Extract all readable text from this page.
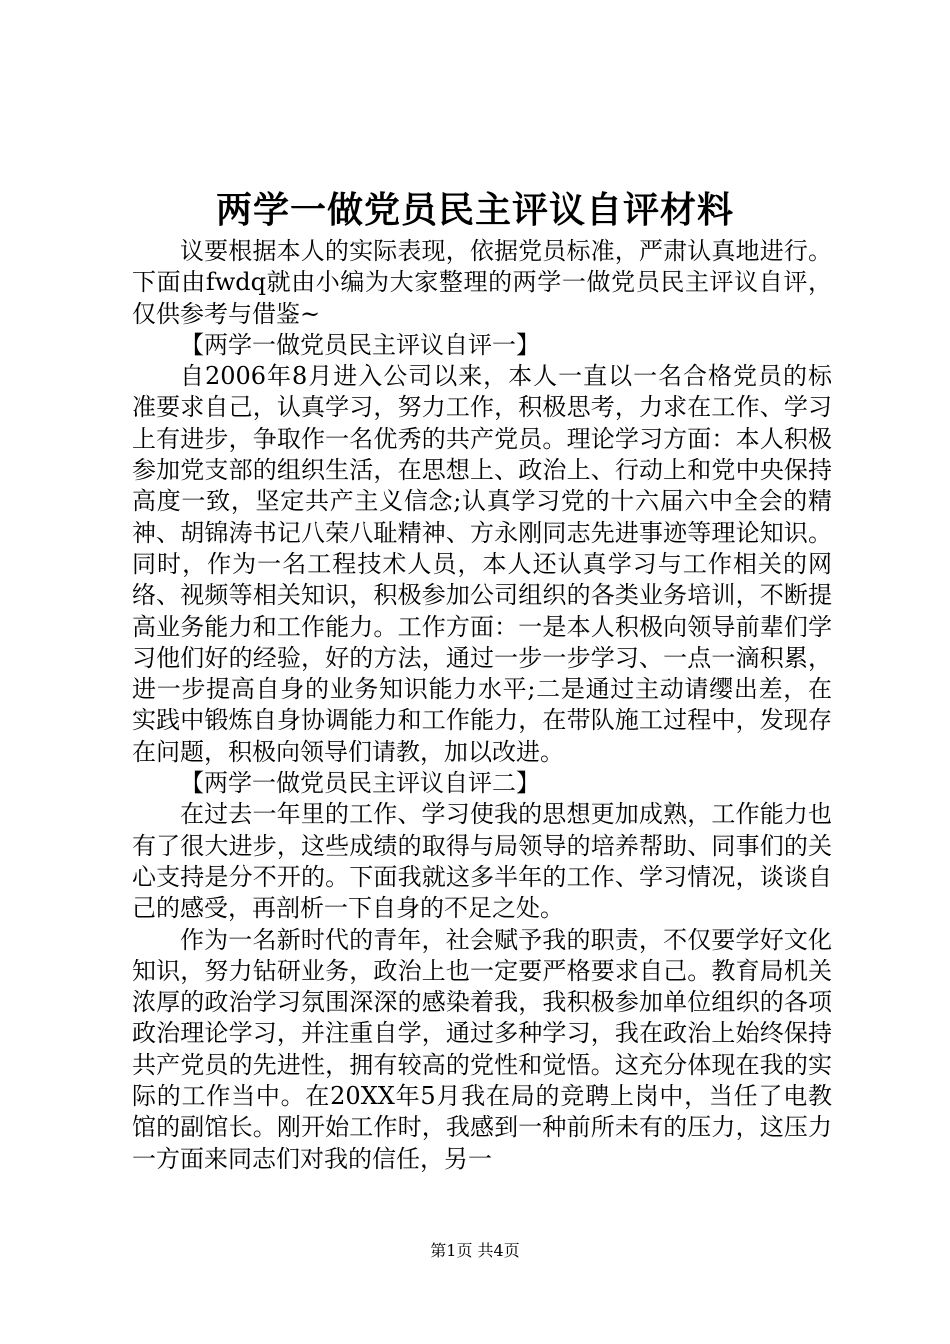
两学一做党员民主评议自评材料

议要根据本人的实际表现，依据党员标准，严肃认真地进行。下面由fwdq就由小编为大家整理的两学一做党员民主评议自评，仅供参考与借鉴~

【两学一做党员民主评议自评一】

自2006年8月进入公司以来，本人一直以一名合格党员的标准要求自己，认真学习，努力工作，积极思考，力求在工作、学习上有进步，争取作一名优秀的共产党员。理论学习方面：本人积极参加党支部的组织生活，在思想上、政治上、行动上和党中央保持高度一致，坚定共产主义信念;认真学习党的十六届六中全会的精神、胡锦涛书记八荣八耻精神、方永刚同志先进事迹等理论知识。同时，作为一名工程技术人员，本人还认真学习与工作相关的网络、视频等相关知识，积极参加公司组织的各类业务培训，不断提高业务能力和工作能力。工作方面：一是本人积极向领导前辈们学习他们好的经验，好的方法，通过一步一步学习、一点一滴积累，进一步提高自身的业务知识能力水平;二是通过主动请缨出差，在实践中锻炼自身协调能力和工作能力，在带队施工过程中，发现存在问题，积极向领导们请教，加以改进。

【两学一做党员民主评议自评二】

在过去一年里的工作、学习使我的思想更加成熟，工作能力也有了很大进步，这些成绩的取得与局领导的培养帮助、同事们的关心支持是分不开的。下面我就这多半年的工作、学习情况，谈谈自己的感受，再剖析一下自身的不足之处。

作为一名新时代的青年，社会赋予我的职责，不仅要学好文化知识，努力钻研业务，政治上也一定要严格要求自己。教育局机关浓厚的政治学习氛围深深的感染着我，我积极参加单位组织的各项政治理论学习，并注重自学，通过多种学习，我在政治上始终保持共产党员的先进性，拥有较高的党性和觉悟。这充分体现在我的实际的工作当中。在20XX年5月我在局的竞聘上岗中，当任了电教馆的副馆长。刚开始工作时，我感到一种前所未有的压力，这压力一方面来同志们对我的信任，另一

第1页 共4页
